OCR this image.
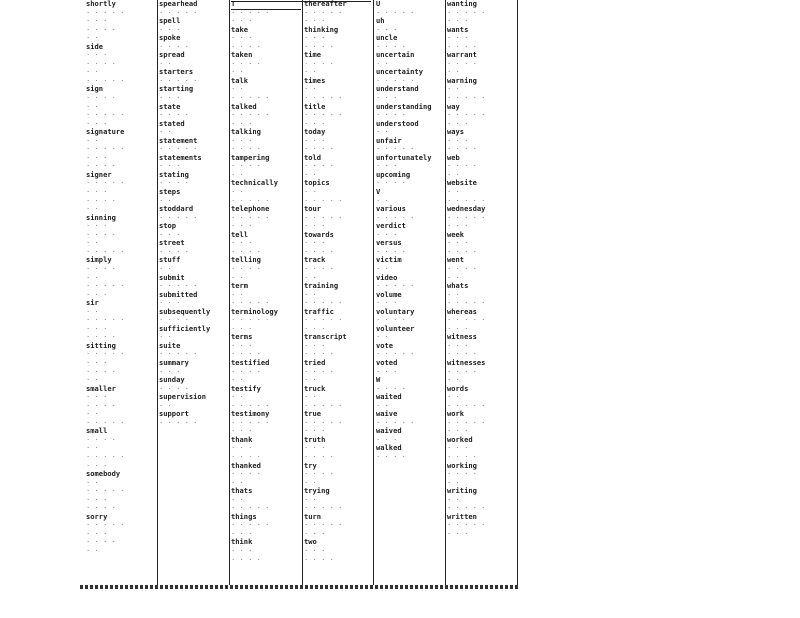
shortly
· · · · ·
· · ·
· · · ·
· ·
side
· · ·
· · · ·
· ·
· · · · ·
sign
· · · ·
· ·
· · · · ·
· · ·
signature
· ·
· · · · ·
· · ·
· · · ·
signer
· · · · ·
· · ·
· · · ·
· ·
sinning
· · ·
· · · ·
· ·
· · · · ·
simply
· · · ·
· ·
· · · · ·
· · ·
sir
· ·
· · · · ·
· · ·
· · · ·
sitting
· · · · ·
· · ·
· · · ·
· ·
smaller
· · ·
· · · ·
· ·
· · · · ·
small
· · · ·
· ·
· · · · ·
· · ·
somebody
· ·
· · · · ·
· · ·
· · · ·
sorry
· · · · ·
· · ·
· · · ·
· ·
spearhead
· · · · ·
spell
· · ·
spoke
· · · ·
spread
· ·
starters
· · · · ·
starting
· · ·
state
· · · ·
stated
· ·
statement
· · · · ·
statements
· · ·
stating
· · · ·
steps
· ·
stoddard
· · · · ·
stop
· · ·
street
· · · ·
stuff
· ·
submit
· · · · ·
submitted
· · ·
subsequently
· · · ·
sufficiently
· ·
suite
· · · · ·
summary
· · ·
sunday
· · · ·
supervision
· ·
support
· · · · ·
T
· · · · ·
· · ·
take
· · ·
· · · ·
taken
· · · ·
· ·
talk
· ·
· · · · ·
talked
· · · · ·
· · ·
talking
· · ·
· · · ·
tampering
· · · ·
· ·
technically
· ·
· · · · ·
telephone
· · · · ·
· · ·
tell
· · ·
· · · ·
telling
· · · ·
· ·
term
· ·
· · · · ·
terminology
· · · · ·
· · ·
terms
· · ·
· · · ·
testified
· · · ·
· ·
testify
· ·
· · · · ·
testimony
· · · · ·
· · ·
thank
· · ·
· · · ·
thanked
· · · ·
· ·
thats
· ·
· · · · ·
things
· · · · ·
· · ·
think
· · ·
· · · ·
thereafter
· · · · ·
· · ·
thinking
· · ·
· · · ·
time
· · · ·
· ·
times
· ·
· · · · ·
title
· · · · ·
· · ·
today
· · ·
· · · ·
told
· · · ·
· ·
topics
· ·
· · · · ·
tour
· · · · ·
· · ·
towards
· · ·
· · · ·
track
· · · ·
· ·
training
· ·
· · · · ·
traffic
· · · · ·
· · ·
transcript
· · ·
· · · ·
tried
· · · ·
· ·
truck
· ·
· · · · ·
true
· · · · ·
· · ·
truth
· · ·
· · · ·
try
· · · ·
· ·
trying
· ·
· · · · ·
turn
· · · · ·
· · ·
two
· · ·
· · · ·
U
· · · · ·
uh
· · ·
uncle
· · · ·
uncertain
· ·
uncertainty
· · · · ·
understand
· · ·
understanding
· · · ·
understood
· ·
unfair
· · · · ·
unfortunately
· · ·
upcoming
· · · ·
V
· ·
various
· · · · ·
verdict
· · ·
versus
· · · ·
victim
· ·
video
· · · · ·
volume
· · ·
voluntary
· · · ·
volunteer
· ·
vote
· · · · ·
voted
· · ·
W
· · · ·
waited
· ·
waive
· · · · ·
waived
· · ·
walked
· · · ·
wanting
· · · · ·
· · ·
wants
· · ·
· · · ·
warrant
· · · ·
· ·
warning
· ·
· · · · ·
way
· · · · ·
· · ·
ways
· · ·
· · · ·
web
· · · ·
· ·
website
· ·
· · · · ·
wednesday
· · · · ·
· · ·
week
· · ·
· · · ·
went
· · · ·
· ·
whats
· ·
· · · · ·
whereas
· · · · ·
· · ·
witness
· · ·
· · · ·
witnesses
· · · ·
· ·
words
· ·
· · · · ·
work
· · · · ·
· · ·
worked
· · ·
· · · ·
working
· · · ·
· ·
writing
· ·
· · · · ·
written
· · · · ·
· · ·
